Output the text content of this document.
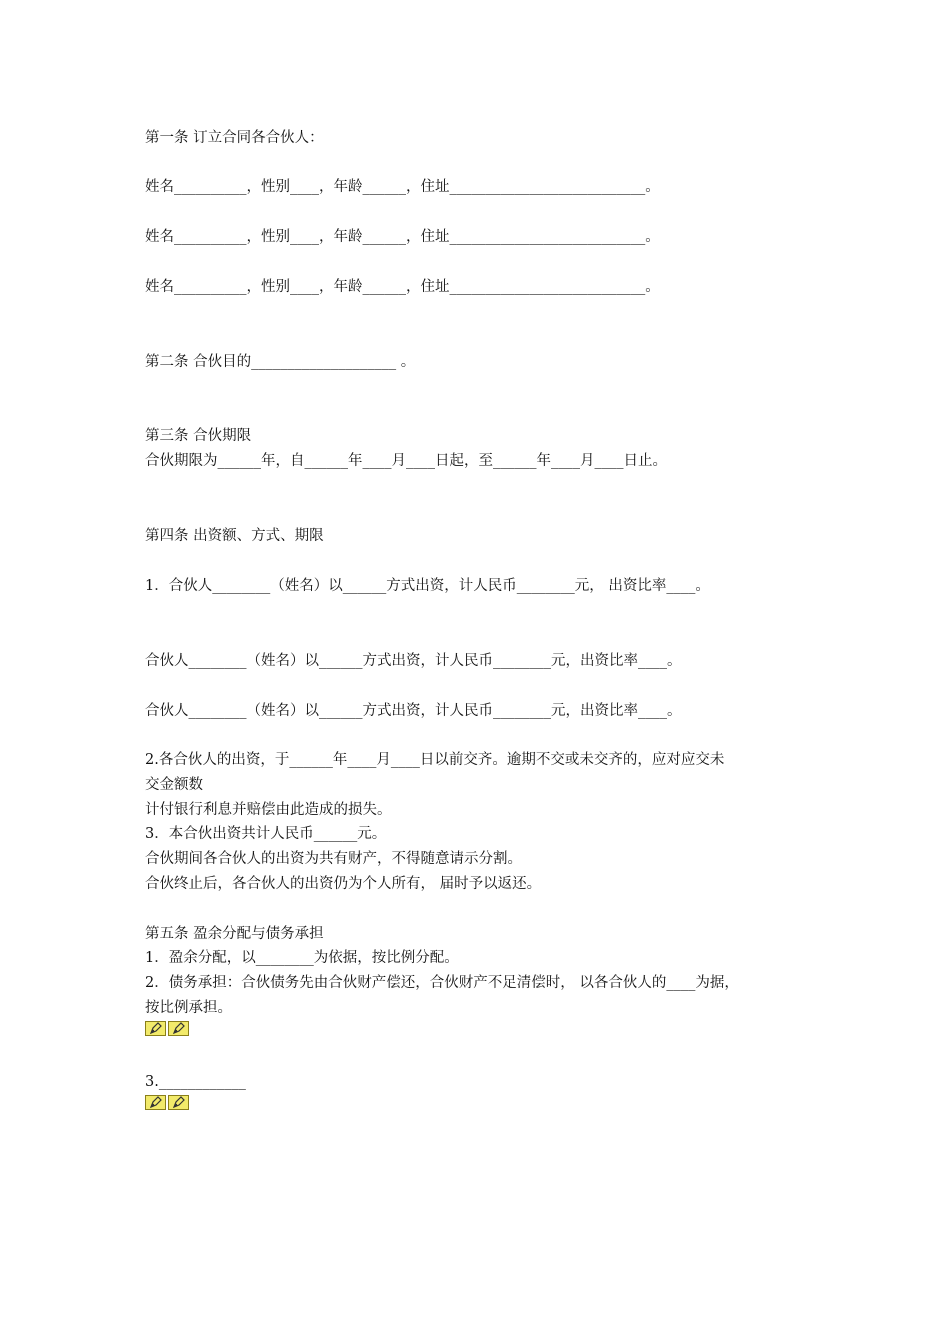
第一条 订立合同各合伙人：
姓名__________，性别____，年龄______，住址___________________________。
姓名__________，性别____，年龄______，住址___________________________。
姓名__________，性别____，年龄______，住址___________________________。
第二条 合伙目的____________________ 。
第三条 合伙期限
合伙期限为______年，自______年____月____日起，至______年____月____日止。
第四条 出资额、方式、期限
1．合伙人________（姓名）以______方式出资，计人民币________元， 出资比率____。
合伙人________（姓名）以______方式出资，计人民币________元，出资比率____。
合伙人________（姓名）以______方式出资，计人民币________元，出资比率____。
2.各合伙人的出资，于______年____月____日以前交齐。逾期不交或未交齐的，应对应交未
交金额数
计付银行利息并赔偿由此造成的损失。
3．本合伙出资共计人民币______元。
合伙期间各合伙人的出资为共有财产，不得随意请示分割。
合伙终止后，各合伙人的出资仍为个人所有， 届时予以返还。
第五条 盈余分配与债务承担
1．盈余分配，以________为依据，按比例分配。
2．债务承担：合伙债务先由合伙财产偿还，合伙财产不足清偿时， 以各合伙人的____为据，
按比例承担。
3.____________
